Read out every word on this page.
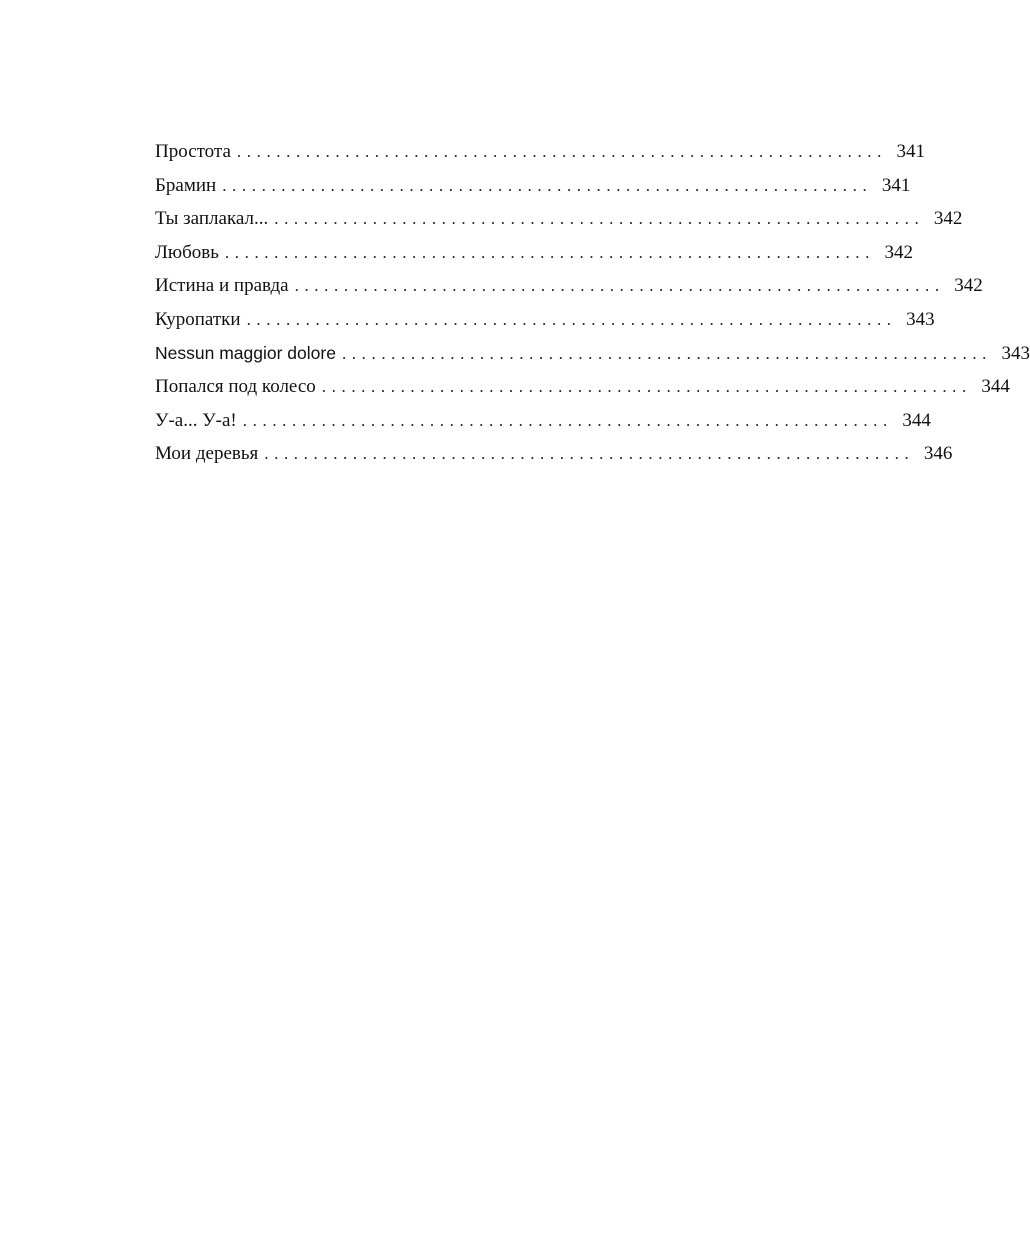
Простота .................................................................. 341
Брамин .................................................................. 341
Ты заплакал... .................................................................. 342
Любовь .................................................................. 342
Истина и правда .................................................................. 342
Куропатки .................................................................. 343
Nessun maggior dolore .................................................................. 343
Попался под колесо .................................................................. 344
У-а... У-а! .................................................................. 344
Мои деревья .................................................................. 346
